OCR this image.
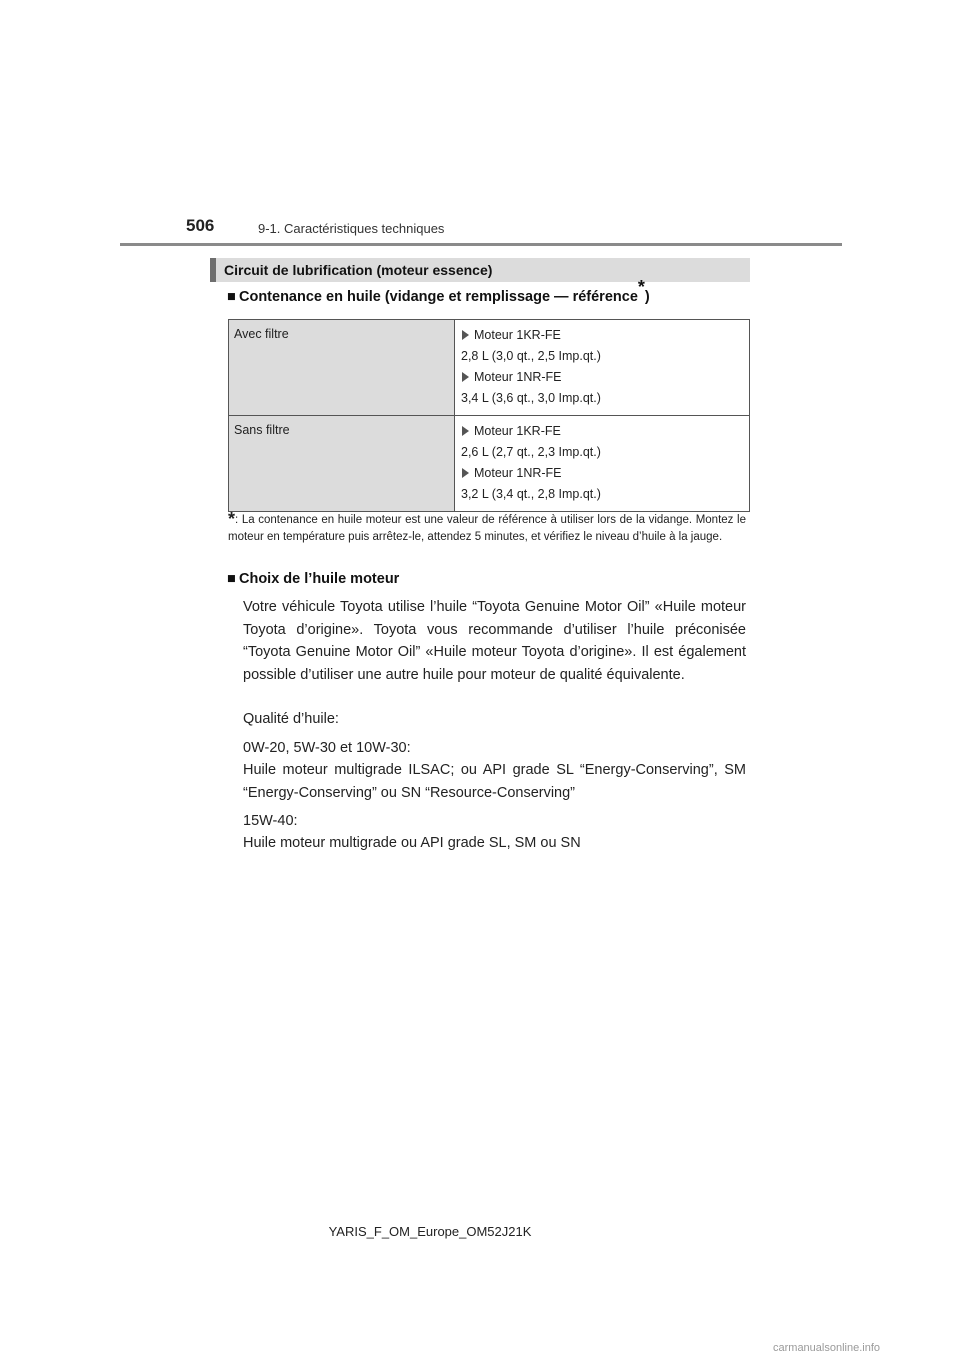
506	9-1. Caractéristiques techniques
Circuit de lubrification (moteur essence)
■ Contenance en huile (vidange et remplissage — référence*)
Avec filtre	Moteur 1KR-FE
2,8 L (3,0 qt., 2,5 Imp.qt.)
Moteur 1NR-FE
3,4 L (3,6 qt., 3,0 Imp.qt.)

Sans filtre	Moteur 1KR-FE
2,6 L (2,7 qt., 2,3 Imp.qt.)
Moteur 1NR-FE
3,2 L (3,4 qt., 2,8 Imp.qt.)
*: La contenance en huile moteur est une valeur de référence à utiliser lors de la vidange. Montez le moteur en température puis arrêtez-le, attendez 5 minutes, et vérifiez le niveau d’huile à la jauge.
■ Choix de l’huile moteur
Votre véhicule Toyota utilise l’huile “Toyota Genuine Motor Oil” «Huile moteur Toyota d’origine». Toyota vous recommande d’utiliser l’huile préconisée “Toyota Genuine Motor Oil” «Huile moteur Toyota d’origine». Il est également possible d’utiliser une autre huile pour moteur de qualité équivalente.
Qualité d’huile:
0W-20, 5W-30 et 10W-30:
Huile moteur multigrade ILSAC; ou API grade SL “Energy-Conserving”, SM “Energy-Conserving” ou SN “Resource-Conserving”
15W-40:
Huile moteur multigrade ou API grade SL, SM ou SN
YARIS_F_OM_Europe_OM52J21K
carmanualsonline.info
